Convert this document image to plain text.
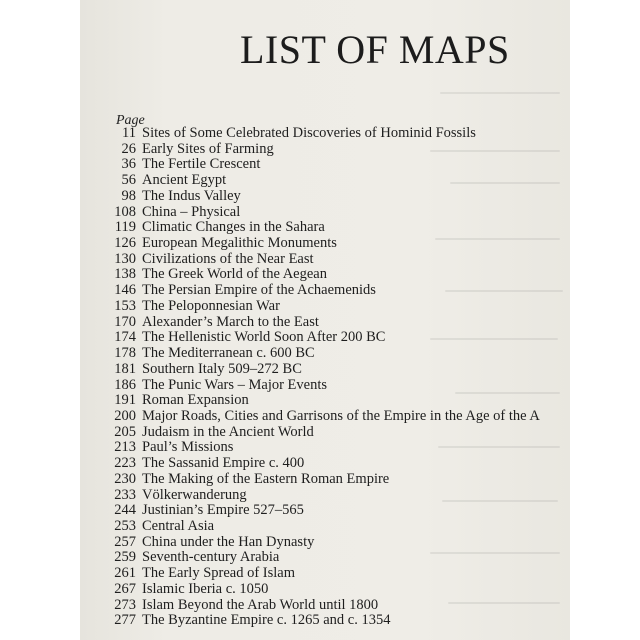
LIST OF MAPS
Page
11 Sites of Some Celebrated Discoveries of Hominid Fossils
26 Early Sites of Farming
36 The Fertile Crescent
56 Ancient Egypt
98 The Indus Valley
108 China – Physical
119 Climatic Changes in the Sahara
126 European Megalithic Monuments
130 Civilizations of the Near East
138 The Greek World of the Aegean
146 The Persian Empire of the Achaemenids
153 The Peloponnesian War
170 Alexander’s March to the East
174 The Hellenistic World Soon After 200 BC
178 The Mediterranean c. 600 BC
181 Southern Italy 509–272 BC
186 The Punic Wars – Major Events
191 Roman Expansion
200 Major Roads, Cities and Garrisons of the Empire in the Age of the A
205 Judaism in the Ancient World
213 Paul’s Missions
223 The Sassanid Empire c. 400
230 The Making of the Eastern Roman Empire
233 Völkerwanderung
244 Justinian’s Empire 527–565
253 Central Asia
257 China under the Han Dynasty
259 Seventh-century Arabia
261 The Early Spread of Islam
267 Islamic Iberia c. 1050
273 Islam Beyond the Arab World until 1800
277 The Byzantine Empire c. 1265 and c. 1354
